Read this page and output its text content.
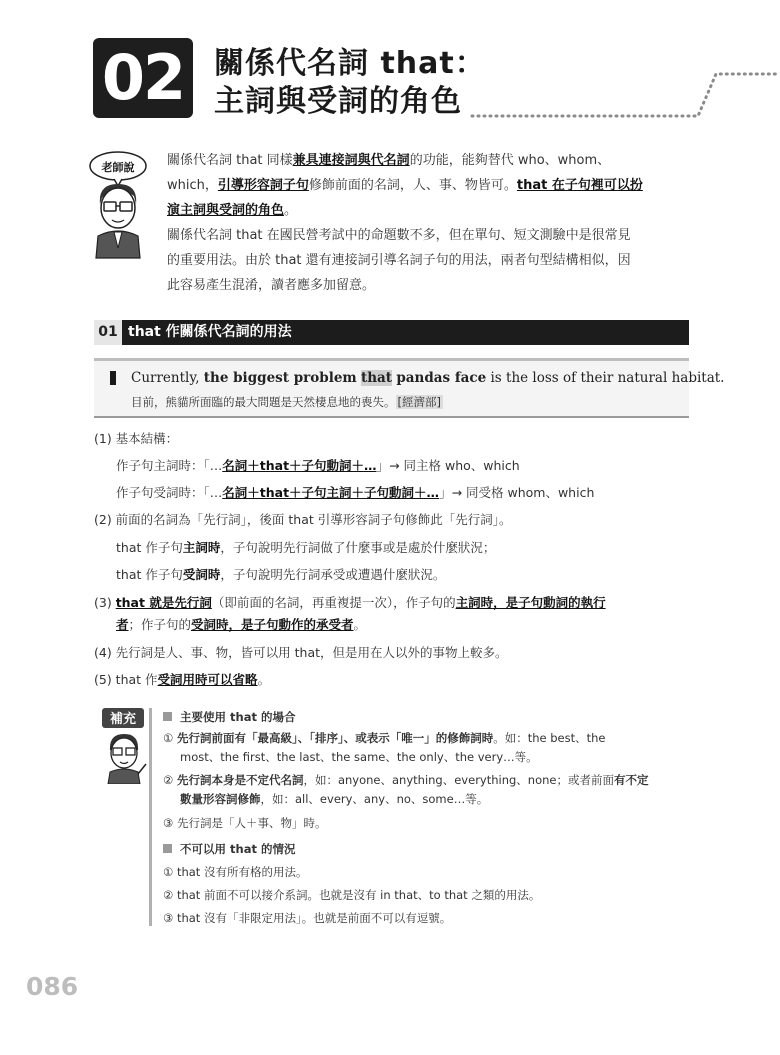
02 關係代名詞 that：
主詞與受詞的角色
老師說	關係代名詞 that 同樣兼具連接詞與代名詞的功能，能夠替代 who、whom、

which，引導形容詞子句修飾前面的名詞，人、事、物皆可。that 在子句裡可以扮

演主詞與受詞的角色。

關係代名詞 that 在國民營考試中的命題數不多，但在單句、短文測驗中是很常見

的重要用法。由於 that 還有連接詞引導名詞子句的用法，兩者句型結構相似，因

此容易產生混淆，讀者應多加留意。

01 that 作關係代名詞的用法
Currently, the biggest problem that pandas face is the loss of their natural habitat.
目前，熊貓所面臨的最大問題是天然棲息地的喪失。 [經濟部]
(1) 基本結構：
作子句主詞時：「…名詞＋that＋子句動詞＋…」→ 同主格 who、which
作子句受詞時：「…名詞＋that＋子句主詞＋子句動詞＋…」→ 同受格 whom、which
(2) 前面的名詞為「先行詞」，後面 that 引導形容詞子句修飾此「先行詞」。
that 作子句主詞時，子句說明先行詞做了什麼事或是處於什麼狀況；
that 作子句受詞時，子句說明先行詞承受或遭遇什麼狀況。
(3) that 就是先行詞（即前面的名詞，再重複提一次），作子句的主詞時，是子句動詞的執行
者；作子句的受詞時，是子句動作的承受者。
(4) 先行詞是人、事、物，皆可以用 that，但是用在人以外的事物上較多。
(5) that 作受詞用時可以省略。
補充	主要使用 that 的場合
① 先行詞前面有「最高級」、「排序」、或表示「唯一」的修飾詞時。如：the best、the
most、the first、the last、the same、the only、the very…等。
② 先行詞本身是不定代名詞，如：anyone、anything、everything、none；或者前面有不定
數量形容詞修飾，如：all、every、any、no、some…等。
③ 先行詞是「人＋事、物」時。
不可以用 that 的情況
① that 沒有所有格的用法。
② that 前面不可以接介系詞。也就是沒有 in that、to that 之類的用法。
③ that 沒有「非限定用法」。也就是前面不可以有逗號。
086
